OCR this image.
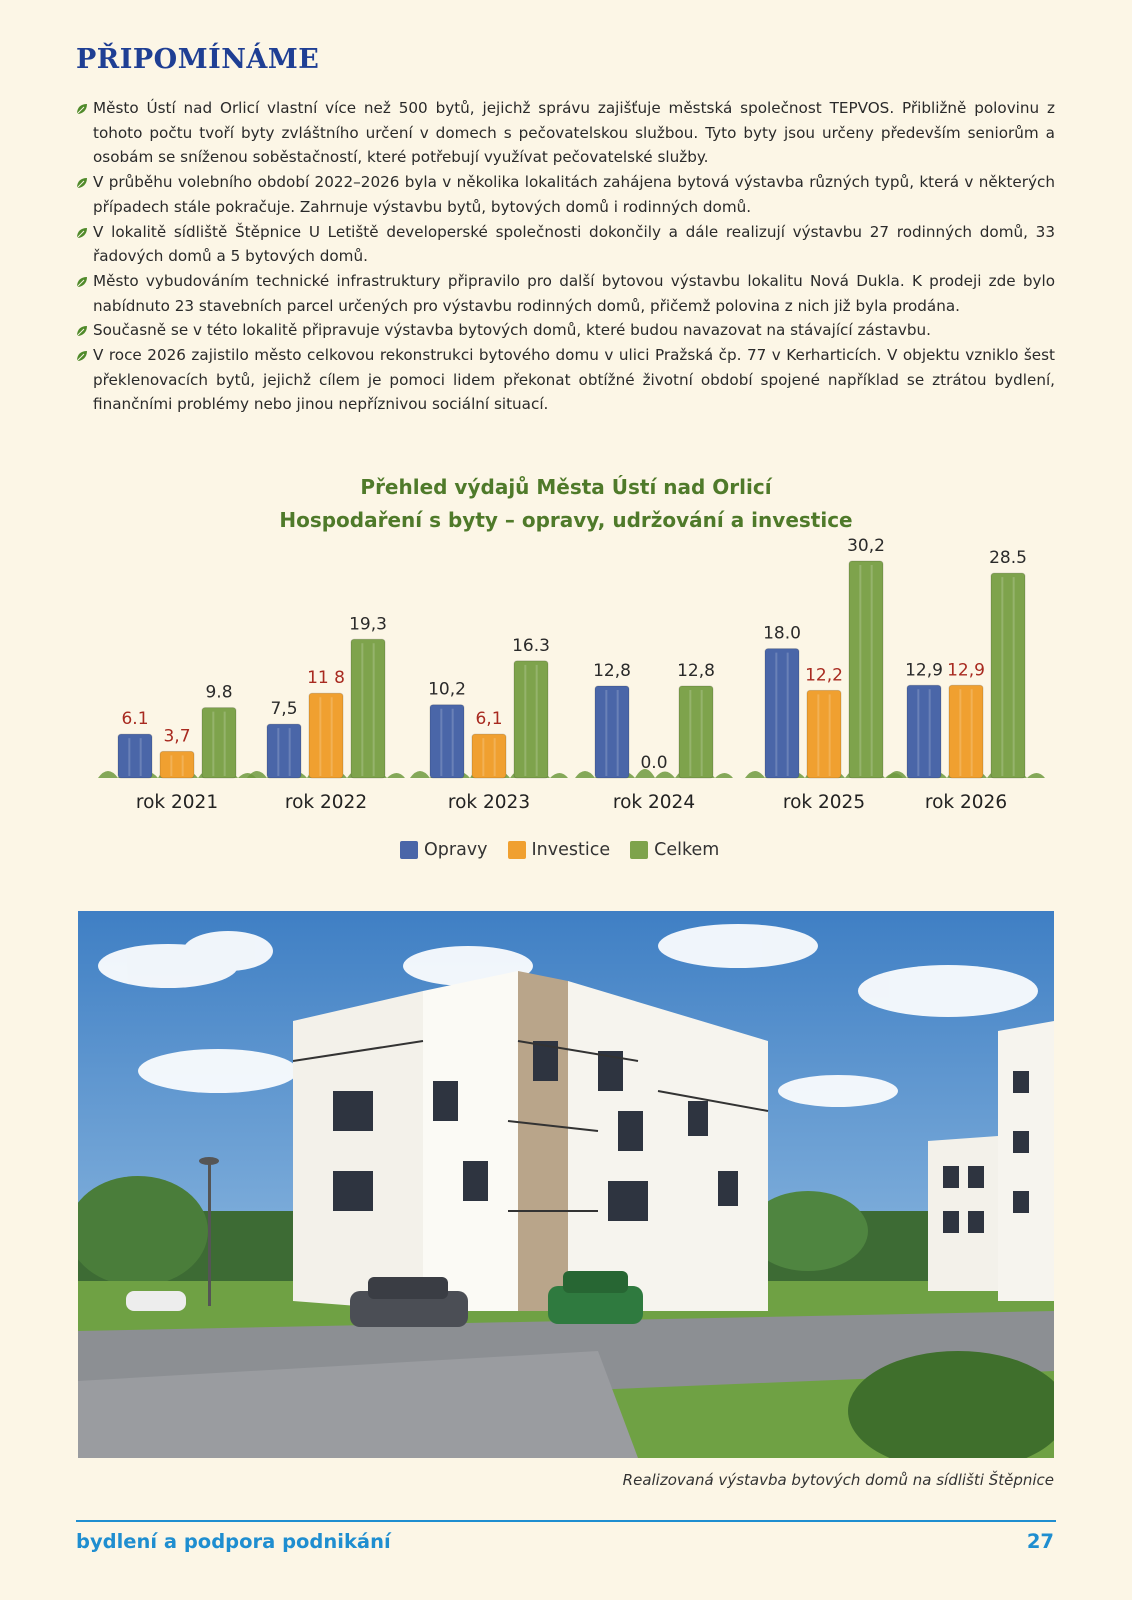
PŘIPOMÍNÁME
Město Ústí nad Orlicí vlastní více než 500 bytů, jejichž správu zajišťuje městská společnost TEPVOS. Přibližně polovinu z tohoto počtu tvoří byty zvláštního určení v domech s pečovatelskou službou. Tyto byty jsou určeny především seniorům a osobám se sníženou soběstačností, které potřebují využívat pečovatelské služby.
V průběhu volebního období 2022–2026 byla v několika lokalitách zahájena bytová výstavba různých typů, která v některých případech stále pokračuje. Zahrnuje výstavbu bytů, bytových domů i rodinných domů.
V lokalitě sídliště Štěpnice U Letiště developerské společnosti dokončily a dále realizují výstavbu 27 rodinných domů, 33 řadových domů a 5 bytových domů.
Město vybudováním technické infrastruktury připravilo pro další bytovou výstavbu lokalitu Nová Dukla. K prodeji zde bylo nabídnuto 23 stavebních parcel určených pro výstavbu rodinných domů, přičemž polovina z nich již byla prodána.
Současně se v této lokalitě připravuje výstavba bytových domů, které budou navazovat na stávající zástavbu.
V roce 2026 zajistilo město celkovou rekonstrukci bytového domu v ulici Pražská čp. 77 v Kerharticích. V objektu vzniklo šest překlenovacích bytů, jejichž cílem je pomoci lidem překonat obtížné životní období spojené například se ztrátou bydlení, finančními problémy nebo jinou nepříznivou sociální situací.
Přehled výdajů Města Ústí nad Orlicí
Hospodaření s byty – opravy, udržování a investice
6.1
3,7
9.8
rok 2021
7,5
11 8
19,3
rok 2022
10,2
6,1
16.3
rok 2023
12,8
0.0
12,8
rok 2024
18.0
12,2
30,2
rok 2025
12,9 12,9
28.5
rok 2026
Opravy	Investice	Celkem
Realizovaná výstavba bytových domů na sídlišti Štěpnice
bydlení a podpora podnikání	27
